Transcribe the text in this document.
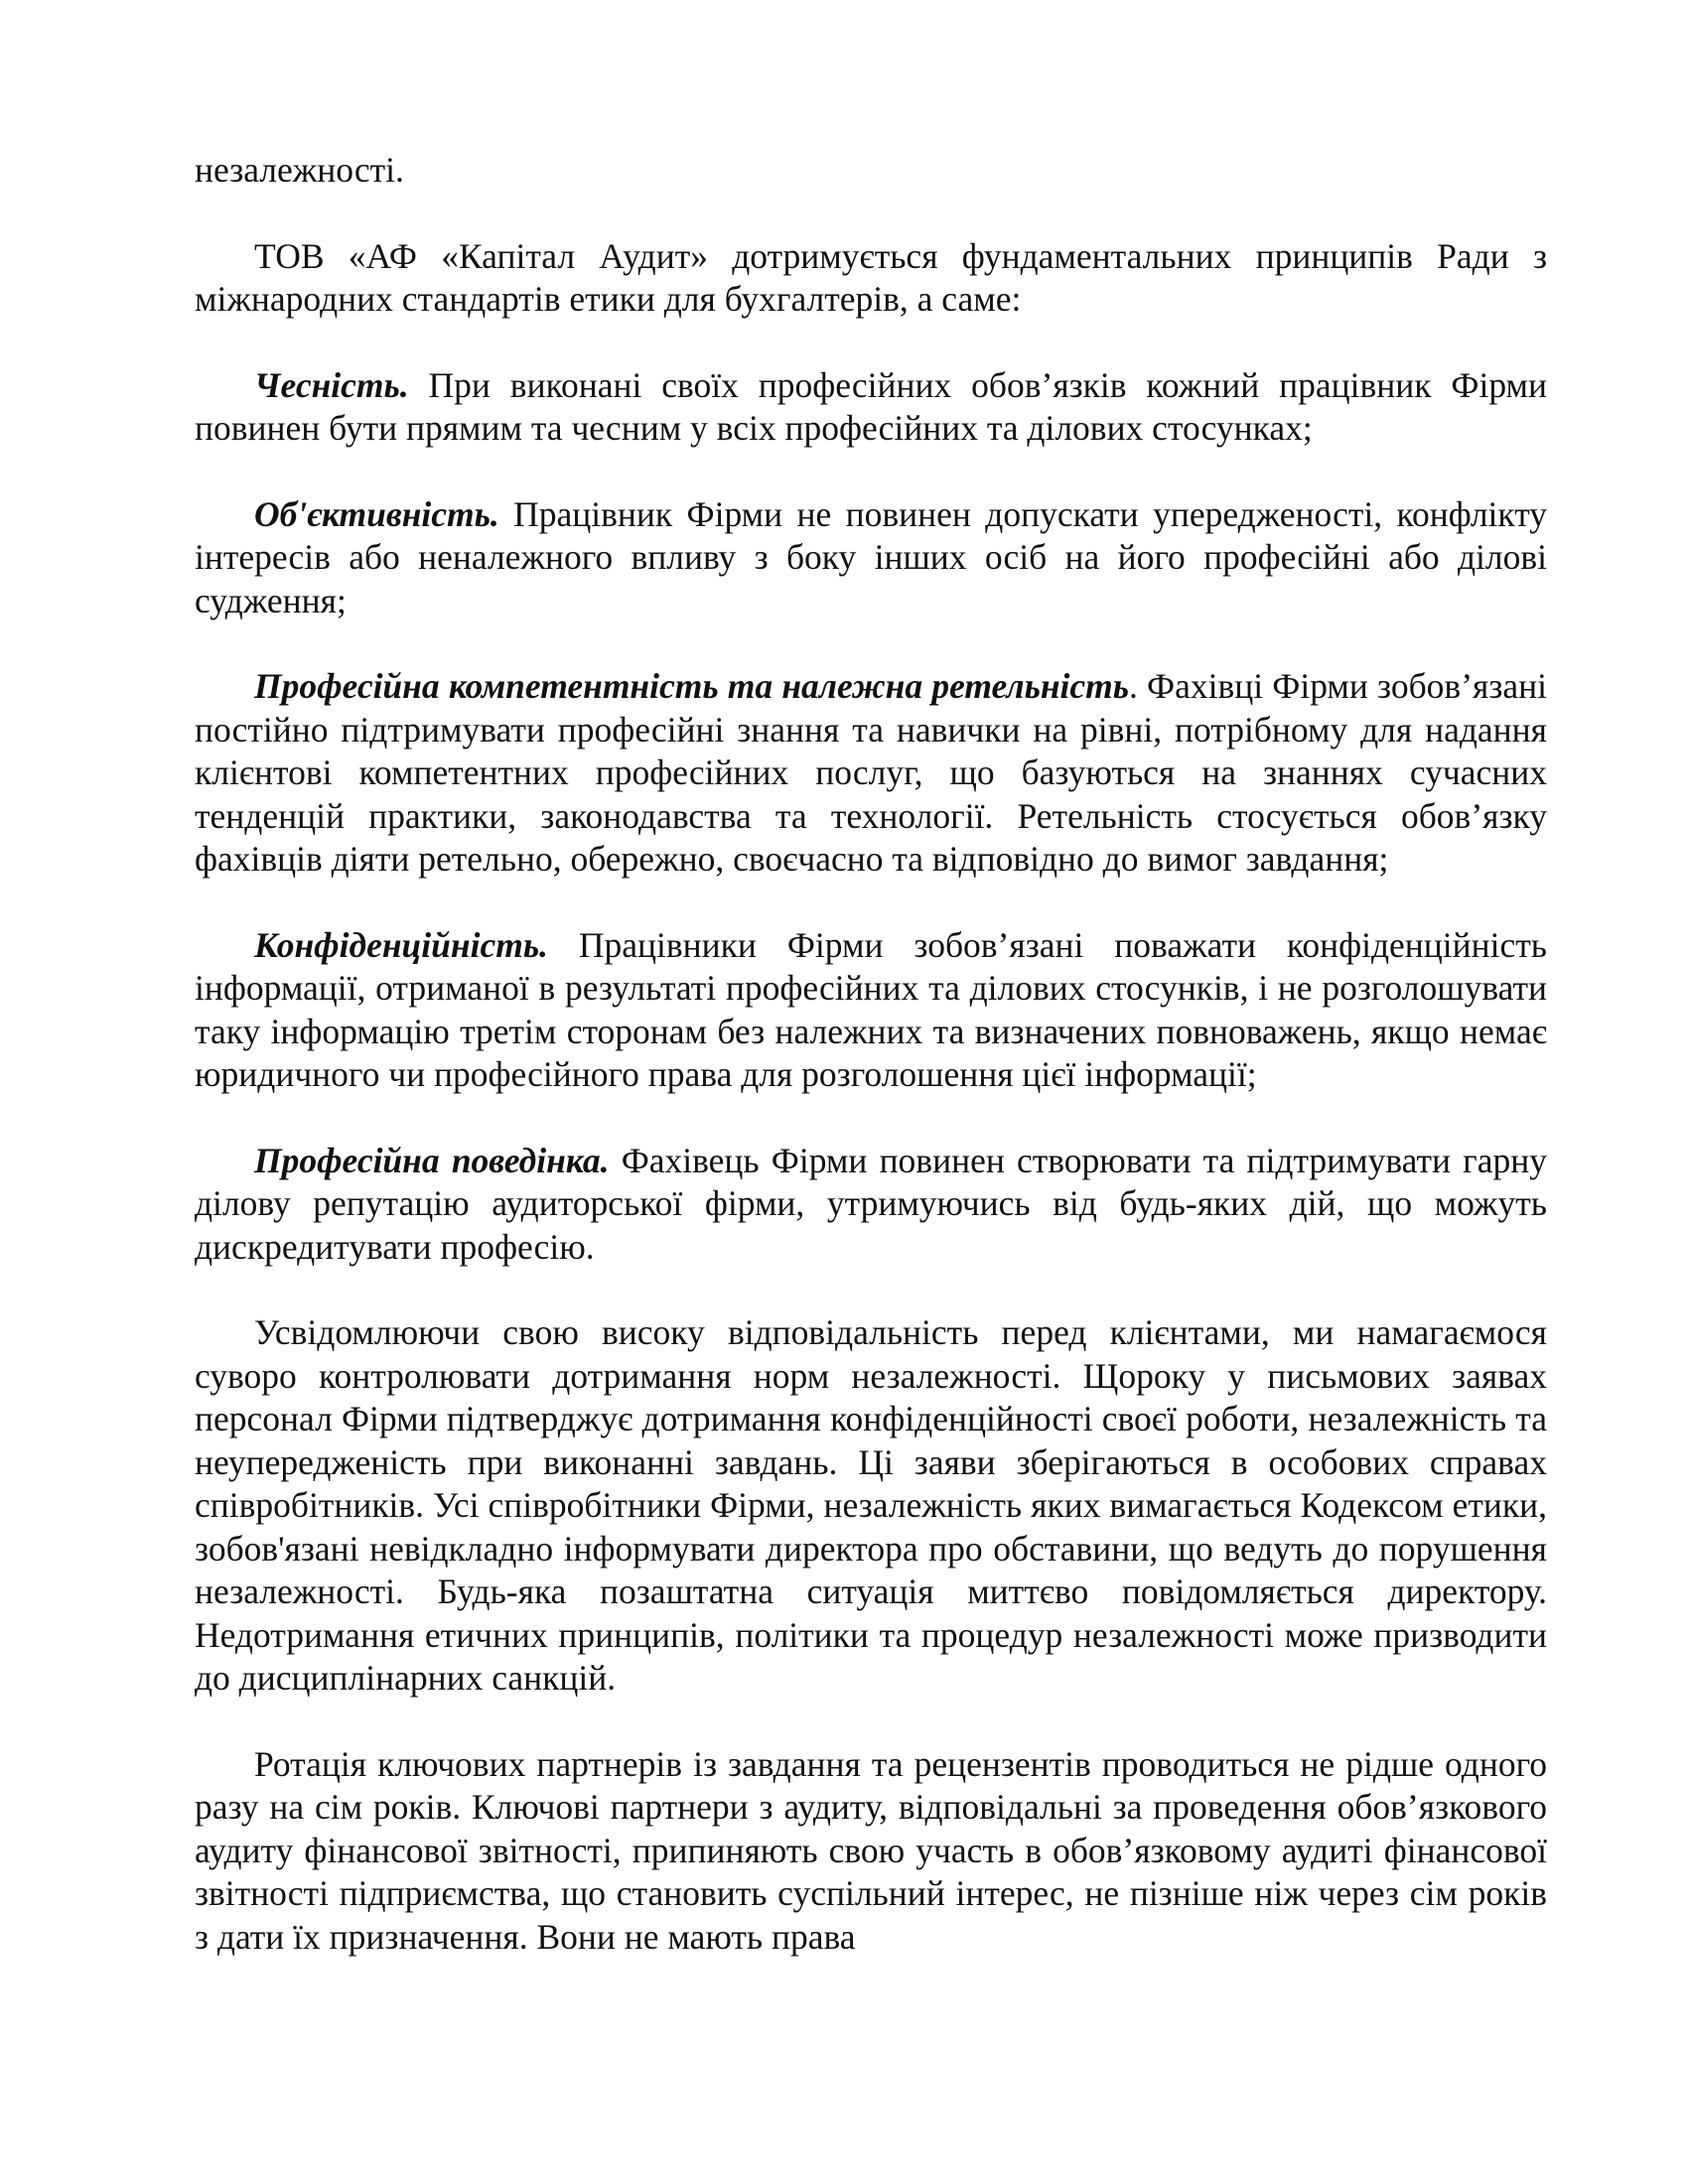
незалежності.

ТОВ «АФ «Капітал Аудит» дотримується фундаментальних принципів Ради з міжнародних стандартів етики для бухгалтерів, а саме:

Чесність. При виконані своїх професійних обов’язків кожний працівник Фірми повинен бути прямим та чесним у всіх професійних та ділових стосунках;

Об'єктивність. Працівник Фірми не повинен допускати упередженості, конфлікту інтересів або неналежного впливу з боку інших осіб на його професійні або ділові судження;

Професійна компетентність та належна ретельність. Фахівці Фірми зобов’язані постійно підтримувати професійні знання та навички на рівні, потрібному для надання клієнтові компетентних професійних послуг, що базуються на знаннях сучасних тенденцій практики, законодавства та технології. Ретельність стосується обов’язку фахівців діяти ретельно, обережно, своєчасно та відповідно до вимог завдання;

Конфіденційність. Працівники Фірми зобов’язані поважати конфіденційність інформації, отриманої в результаті професійних та ділових стосунків, і не розголошувати таку інформацію третім сторонам без належних та визначених повноважень, якщо немає юридичного чи професійного права для розголошення цієї інформації;

Професійна поведінка. Фахівець Фірми повинен створювати та підтримувати гарну ділову репутацію аудиторської фірми, утримуючись від будь-яких дій, що можуть дискредитувати професію.

Усвідомлюючи свою високу відповідальність перед клієнтами, ми намагаємося суворо контролювати дотримання норм незалежності. Щороку у письмових заявах персонал Фірми підтверджує дотримання конфіденційності своєї роботи, незалежність та неупередженість при виконанні завдань. Ці заяви зберігаються в особових справах співробітників. Усі співробітники Фірми, незалежність яких вимагається Кодексом етики, зобов'язані невідкладно інформувати директора про обставини, що ведуть до порушення незалежності. Будь-яка позаштатна ситуація миттєво повідомляється директору. Недотримання етичних принципів, політики та процедур незалежності може призводити до дисциплінарних санкцій.

Ротація ключових партнерів із завдання та рецензентів проводиться не рідше одного разу на сім років. Ключові партнери з аудиту, відповідальні за проведення обов’язкового аудиту фінансової звітності, припиняють свою участь в обов’язковому аудиті фінансової звітності підприємства, що становить суспільний інтерес, не пізніше ніж через сім років з дати їх призначення. Вони не мають права
